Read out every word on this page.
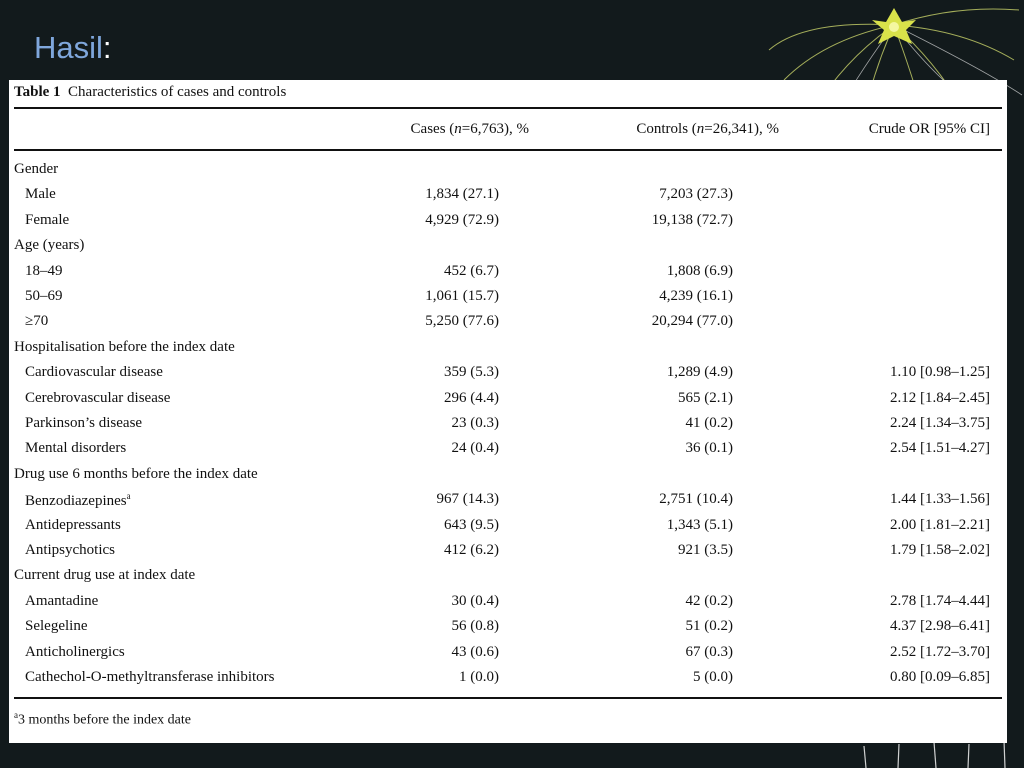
Hasil:
Table 1 Characteristics of cases and controls
Cases (n=6,763), %	Controls (n=26,341), %	Crude OR [95% CI]
Gender
Male	1,834 (27.1)	7,203 (27.3)
Female	4,929 (72.9)	19,138 (72.7)
Age (years)
18–49	452 (6.7)	1,808 (6.9)
50–69	1,061 (15.7)	4,239 (16.1)
≥70	5,250 (77.6)	20,294 (77.0)
Hospitalisation before the index date
Cardiovascular disease	359 (5.3)	1,289 (4.9)	1.10 [0.98–1.25]
Cerebrovascular disease	296 (4.4)	565 (2.1)	2.12 [1.84–2.45]
Parkinson’s disease	23 (0.3)	41 (0.2)	2.24 [1.34–3.75]
Mental disorders	24 (0.4)	36 (0.1)	2.54 [1.51–4.27]
Drug use 6 months before the index date
Benzodiazepines$^a$	967 (14.3)	2,751 (10.4)	1.44 [1.33–1.56]
Antidepressants	643 (9.5)	1,343 (5.1)	2.00 [1.81–2.21]
Antipsychotics	412 (6.2)	921 (3.5)	1.79 [1.58–2.02]
Current drug use at index date
Amantadine	30 (0.4)	42 (0.2)	2.78 [1.74–4.44]
Selegeline	56 (0.8)	51 (0.2)	4.37 [2.98–6.41]
Anticholinergics	43 (0.6)	67 (0.3)	2.52 [1.72–3.70]
Cathechol-O-methyltransferase inhibitors	1 (0.0)	5 (0.0)	0.80 [0.09–6.85]
$^a$3 months before the index date
